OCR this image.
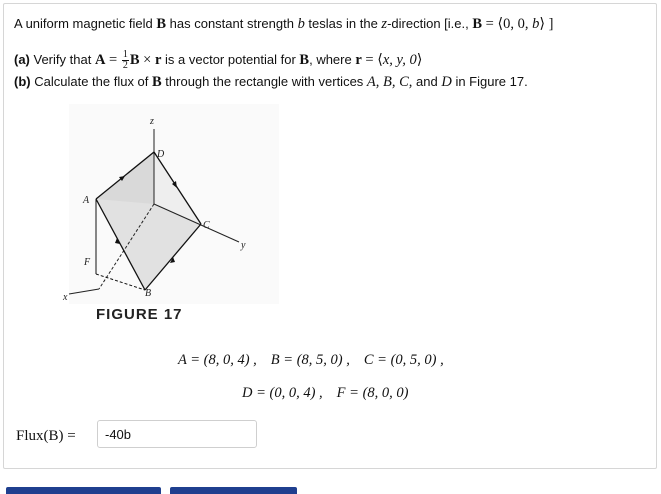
A uniform magnetic field B has constant strength b teslas in the z-direction [i.e., B = ⟨0, 0, b⟩ ]
(a) Verify that $A = \frac{1}{2}$ B × r is a vector potential for B, where r = ⟨x, y, 0⟩
(b) Calculate the flux of B through the rectangle with vertices A, B, C, and D in Figure 17.
z
D
A
C
y
F
B
x
FIGURE 17
A = (8, 0, 4) , B = (8, 5, 0) , C = (0, 5, 0) ,
D = (0, 0, 4) , F = (8, 0, 0)
Flux(B) =
-40b
